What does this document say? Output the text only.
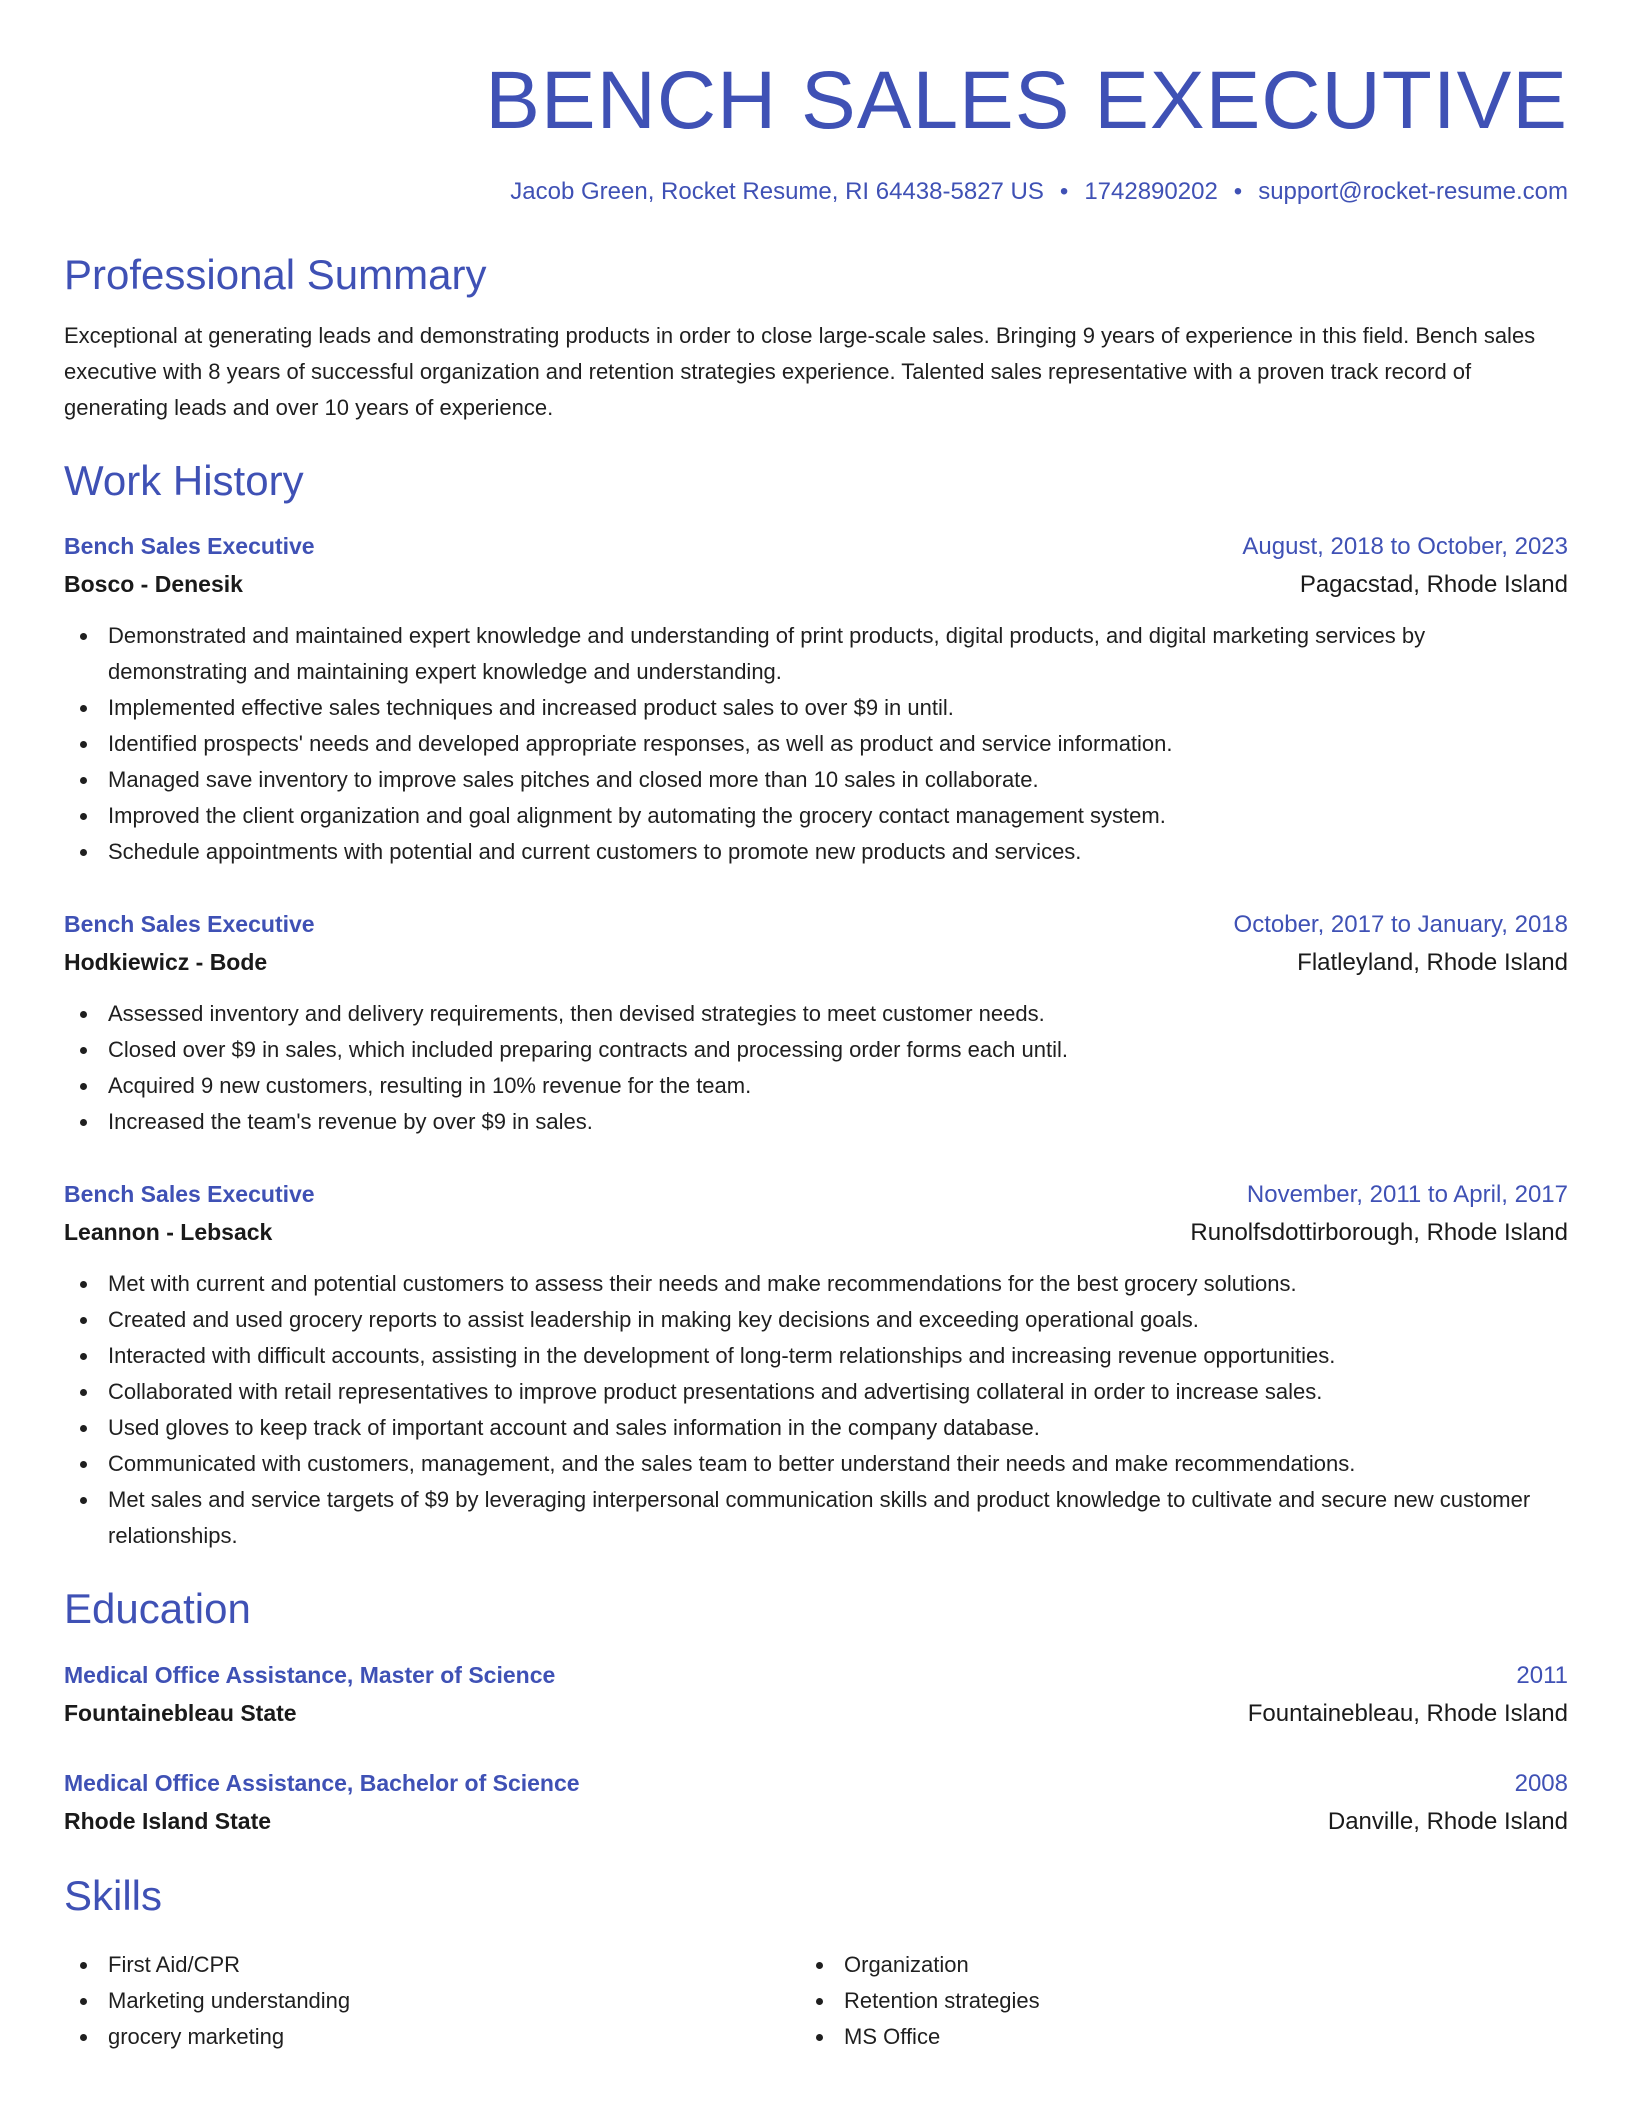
BENCH SALES EXECUTIVE
Jacob Green, Rocket Resume, RI 64438-5827 US • 1742890202 • support@rocket-resume.com
Professional Summary
Exceptional at generating leads and demonstrating products in order to close large-scale sales. Bringing 9 years of experience in this field. Bench sales executive with 8 years of successful organization and retention strategies experience. Talented sales representative with a proven track record of generating leads and over 10 years of experience.
Work History
Bench Sales Executive	August, 2018 to October, 2023
Bosco - Denesik	Pagacstad, Rhode Island
Demonstrated and maintained expert knowledge and understanding of print products, digital products, and digital marketing services by demonstrating and maintaining expert knowledge and understanding.
Implemented effective sales techniques and increased product sales to over $9 in until.
Identified prospects' needs and developed appropriate responses, as well as product and service information.
Managed save inventory to improve sales pitches and closed more than 10 sales in collaborate.
Improved the client organization and goal alignment by automating the grocery contact management system.
Schedule appointments with potential and current customers to promote new products and services.
Bench Sales Executive	October, 2017 to January, 2018
Hodkiewicz - Bode	Flatleyland, Rhode Island
Assessed inventory and delivery requirements, then devised strategies to meet customer needs.
Closed over $9 in sales, which included preparing contracts and processing order forms each until.
Acquired 9 new customers, resulting in 10% revenue for the team.
Increased the team's revenue by over $9 in sales.
Bench Sales Executive	November, 2011 to April, 2017
Leannon - Lebsack	Runolfsdottirborough, Rhode Island
Met with current and potential customers to assess their needs and make recommendations for the best grocery solutions.
Created and used grocery reports to assist leadership in making key decisions and exceeding operational goals.
Interacted with difficult accounts, assisting in the development of long-term relationships and increasing revenue opportunities.
Collaborated with retail representatives to improve product presentations and advertising collateral in order to increase sales.
Used gloves to keep track of important account and sales information in the company database.
Communicated with customers, management, and the sales team to better understand their needs and make recommendations.
Met sales and service targets of $9 by leveraging interpersonal communication skills and product knowledge to cultivate and secure new customer relationships.
Education
Medical Office Assistance, Master of Science	2011
Fountainebleau State	Fountainebleau, Rhode Island
Medical Office Assistance, Bachelor of Science	2008
Rhode Island State	Danville, Rhode Island
Skills
First Aid/CPR
Marketing understanding
grocery marketing
Organization
Retention strategies
MS Office
